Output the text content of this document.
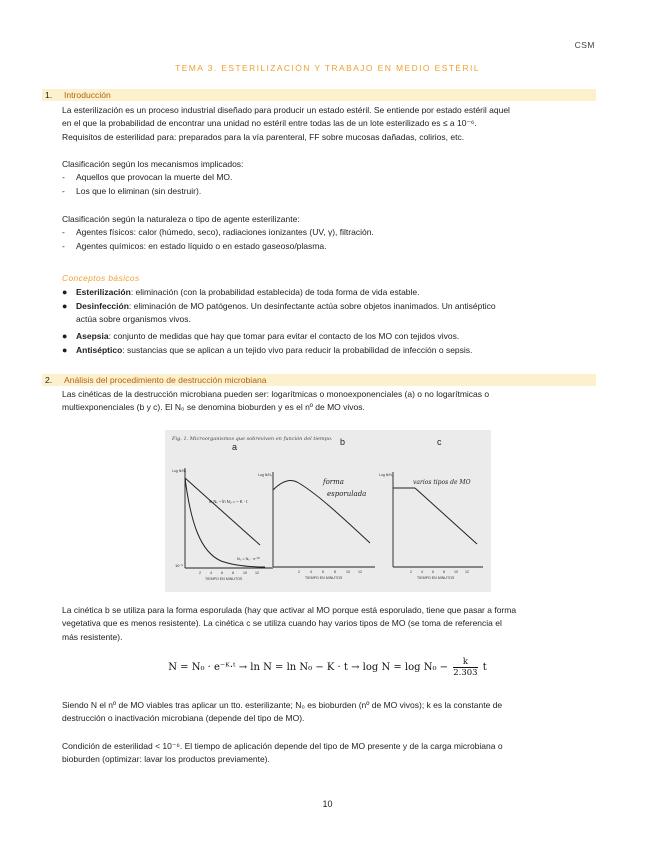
CSM
TEMA 3. ESTERILIZACIÓN Y TRABAJO EN MEDIO ESTÉRIL
1. Introducción
La esterilización es un proceso industrial diseñado para producir un estado estéril. Se entiende por estado estéril aquel
en el que la probabilidad de encontrar una unidad no estéril entre todas las de un lote esterilizado es ≤ a 10⁻⁶.
Requisitos de esterilidad para: preparados para la vía parenteral, FF sobre mucosas dañadas, colirios, etc.
Clasificación según los mecanismos implicados:
- Aquellos que provocan la muerte del MO.
- Los que lo eliminan (sin destruir).
Clasificación según la naturaleza o tipo de agente esterilizante:
- Agentes físicos: calor (húmedo, seco), radiaciones ionizantes (UV, γ), filtración.
- Agentes químicos: en estado líquido o en estado gaseoso/plasma.
Conceptos básicos
● Esterilización: eliminación (con la probabilidad establecida) de toda forma de vida estable.
● Desinfección: eliminación de MO patógenos. Un desinfectante actúa sobre objetos inanimados. Un antiséptico
actúa sobre organismos vivos.
● Asepsia: conjunto de medidas que hay que tomar para evitar el contacto de los MO con tejidos vivos.
● Antiséptico: sustancias que se aplican a un tejido vivo para reducir la probabilidad de infección o sepsis.
2. Análisis del procedimiento de destrucción microbiana
Las cinéticas de la destrucción microbiana pueden ser: logarítmicas o monoexponenciales (a) o no logarítmicas o
multiexponenciales (b y c). El N₀ se denomina bioburden y es el nº de MO vivos.
Fig. 1. Microorganismos que sobreviven en función del tiempo.
a	b	c
Log N/N₀
ln Nₜ – ln N₀ = – K · t
N₀ = N₀ · e⁻ᴷᵗ
10⁻⁶
2	4	6	8	10 12
TIEMPO EN MINUTOS
Log N/N₀
forma
esporulada
2	4	6	8	10 12
TIEMPO EN MINUTOS
Log N/N₀
varios tipos de MO
2	4	6	8	10 12
TIEMPO EN MINUTOS
La cinética b se utiliza para la forma esporulada (hay que activar al MO porque está esporulado, tiene que pasar a forma
vegetativa que es menos resistente). La cinética c se utiliza cuando hay varios tipos de MO (se toma de referencia el
más resistente).
N = N₀ · e⁻ᴷ·ᵗ → $\ln N = \ln N_0 - K \cdot t \to \log N = \log N_0 - \frac{k}{2.303}$ t
Siendo N el nº de MO viables tras aplicar un tto. esterilizante; N₀ es bioburden (nº de MO vivos); k es la constante de
destrucción o inactivación microbiana (depende del tipo de MO).
Condición de esterilidad < 10⁻⁶. El tiempo de aplicación depende del tipo de MO presente y de la carga microbiana o
bioburden (optimizar: lavar los productos previamente).
10
